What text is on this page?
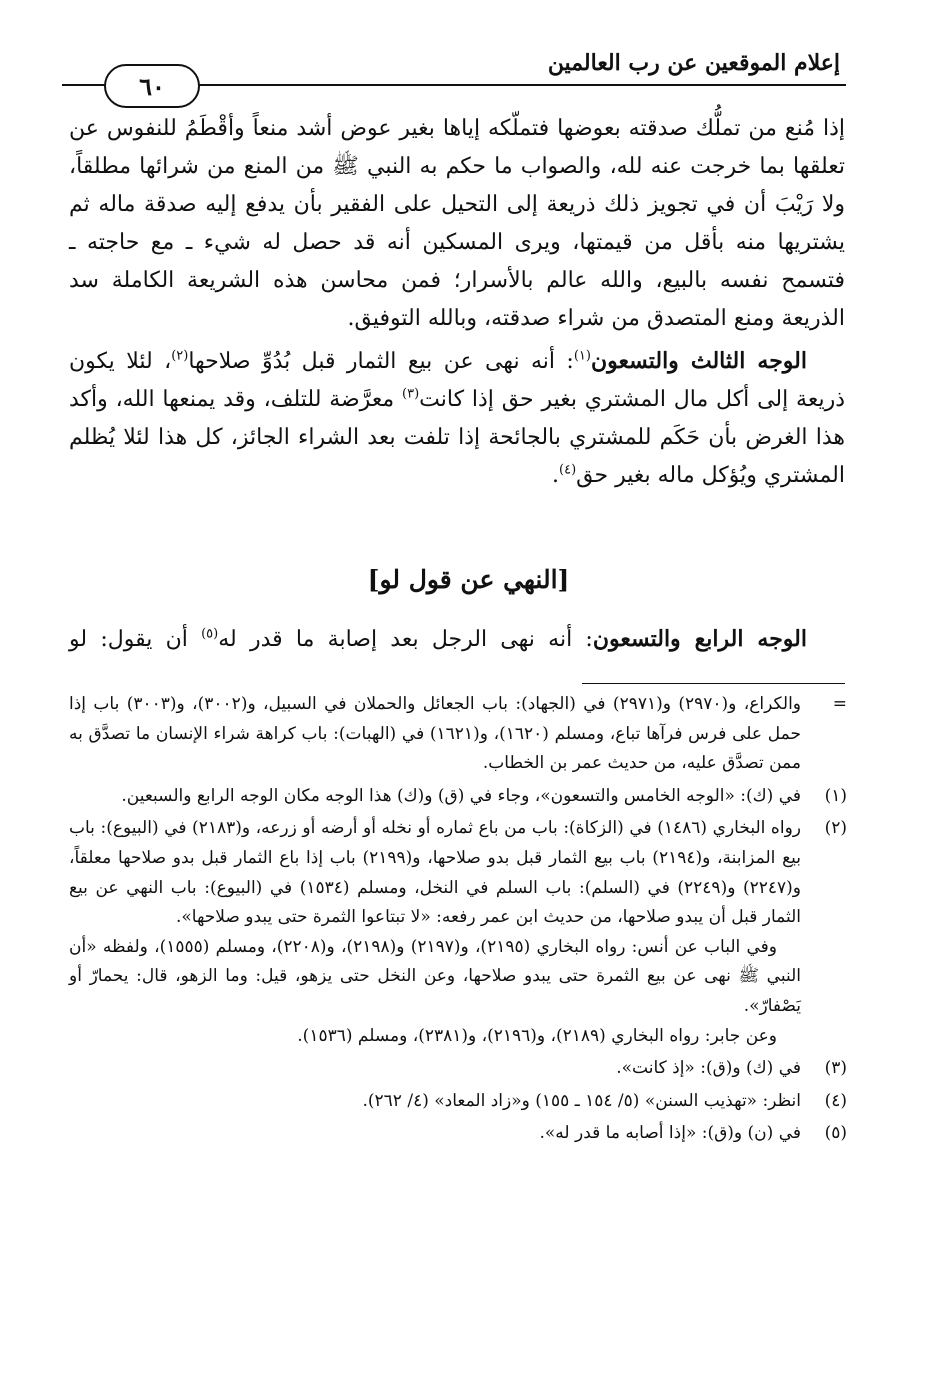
إعلام الموقعين عن رب العالمين
٦٠

إذا مُنع من تملُّك صدقته بعوضها فتملّكه إياها بغير عوض أشد منعاً وأقْطَمُ للنفوس عن تعلقها بما خرجت عنه لله، والصواب ما حكم به النبي ﷺ من المنع من شرائها مطلقاً، ولا رَيْبَ أن في تجويز ذلك ذريعة إلى التحيل على الفقير بأن يدفع إليه صدقة ماله ثم يشتريها منه بأقل من قيمتها، ويرى المسكين أنه قد حصل له شيء ـ مع حاجته ـ فتسمح نفسه بالبيع، والله عالم بالأسرار؛ فمن محاسن هذه الشريعة الكاملة سد الذريعة ومنع المتصدق من شراء صدقته، وبالله التوفيق.

الوجه الثالث والتسعون$^{(١)}$: أنه نهى عن بيع الثمار قبل بُدُوِّ صلاحها$^{(٢)}$، لئلا يكون ذريعة إلى أكل مال المشتري بغير حق إذا كانت$^{(٣)}$ معرَّضة للتلف، وقد يمنعها الله، وأكد هذا الغرض بأن حَكَم للمشتري بالجائحة إذا تلفت بعد الشراء الجائز، كل هذا لئلا يُظلم المشتري ويُؤكل ماله بغير حق$^{(٤)}$.

[النهي عن قول لو]

الوجه الرابع والتسعون: أنه نهى الرجل بعد إصابة ما قدر له$^{(٥)}$ أن يقول: لو

=

والكراع، و(٢٩٧٠) و(٢٩٧١) في (الجهاد): باب الجعائل والحملان في السبيل، و(٣٠٠٢)، و(٣٠٠٣) باب إذا حمل على فرس فرآها تباع، ومسلم (١٦٢٠)، و(١٦٢١) في (الهبات): باب كراهة شراء الإنسان ما تصدَّق به ممن تصدَّق عليه، من حديث عمر بن الخطاب.

(١)

في (ك): «الوجه الخامس والتسعون»، وجاء في (ق) و(ك) هذا الوجه مكان الوجه الرابع والسبعين.

(٢)

رواه البخاري (١٤٨٦) في (الزكاة): باب من باع ثماره أو نخله أو أرضه أو زرعه، و(٢١٨٣) في (البيوع): باب بيع المزابنة، و(٢١٩٤) باب بيع الثمار قبل بدو صلاحها، و(٢١٩٩) باب إذا باع الثمار قبل بدو صلاحها معلقاً، و(٢٢٤٧) و(٢٢٤٩) في (السلم): باب السلم في النخل، ومسلم (١٥٣٤) في (البيوع): باب النهي عن بيع الثمار قبل أن يبدو صلاحها، من حديث ابن عمر رفعه: «لا تبتاعوا الثمرة حتى يبدو صلاحها».

وفي الباب عن أنس: رواه البخاري (٢١٩٥)، و(٢١٩٧) و(٢١٩٨)، و(٢٢٠٨)، ومسلم (١٥٥٥)، ولفظه «أن النبي ﷺ نهى عن بيع الثمرة حتى يبدو صلاحها، وعن النخل حتى يزهو، قيل: وما الزهو، قال: يحمارّ أو يَصْفارّ».

وعن جابر: رواه البخاري (٢١٨٩)، و(٢١٩٦)، و(٢٣٨١)، ومسلم (١٥٣٦).

(٣)

في (ك) و(ق): «إذ كانت».

(٤)

انظر: «تهذيب السنن» (٥/ ١٥٤ ـ ١٥٥) و«زاد المعاد» (٤/ ٢٦٢).

(٥)

في (ن) و(ق): «إذا أصابه ما قدر له».
